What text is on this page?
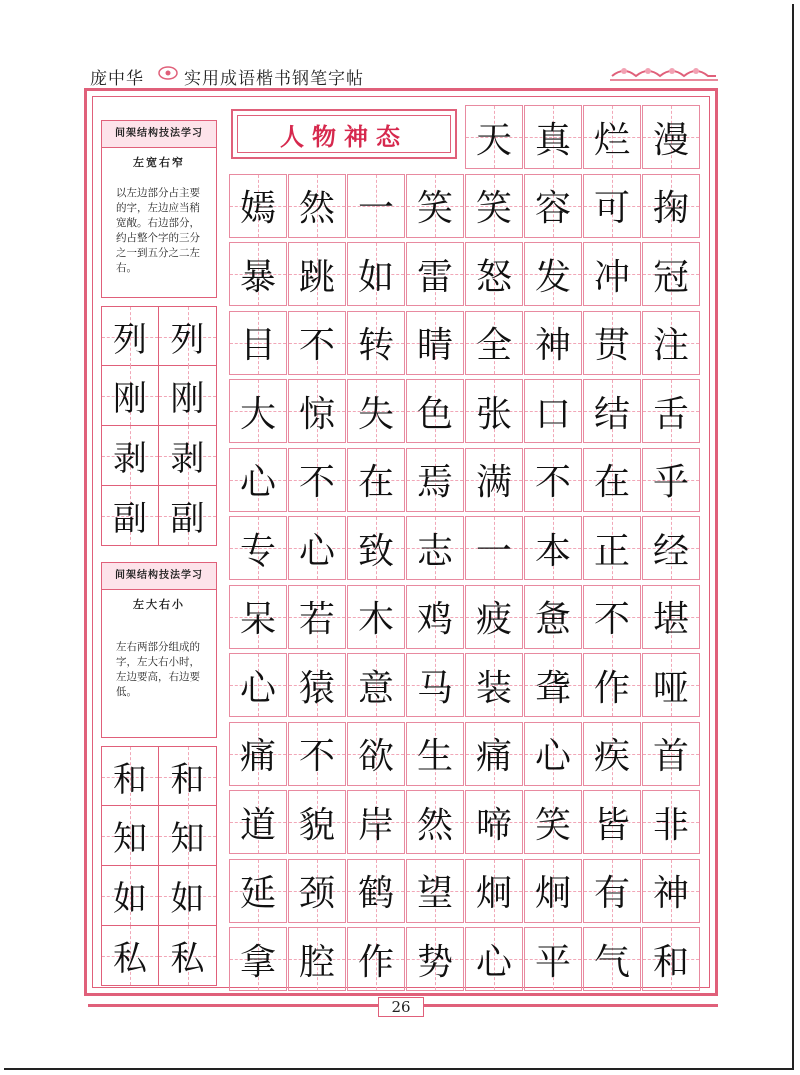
庞中华 实用成语楷书钢笔字帖
间架结构技法学习
左宽右窄
以左边部分占主要的字，左边应当稍宽敞。右边部分，约占整个字的三分之一到五分之二左右。
列 列
刚 刚
剥 剥
副 副
间架结构技法学习
左大右小
左右两部分组成的字，左大右小时，左边要高，右边要低。
和 和
知 知
如 如
私 私
人物神态	天 真 烂 漫
嫣 然 一 笑 笑 容 可 掬
暴 跳 如 雷 怒 发 冲 冠
目 不 转 睛 全 神 贯 注
大 惊 失 色 张 口 结 舌
心 不 在 焉 满 不 在 乎
专 心 致 志 一 本 正 经
呆 若 木 鸡 疲 惫 不 堪
心 猿 意 马 装 聋 作 哑
痛 不 欲 生 痛 心 疾 首
道 貌 岸 然 啼 笑 皆 非
延 颈 鹤 望 炯 炯 有 神
拿 腔 作 势 心 平 气 和
26
